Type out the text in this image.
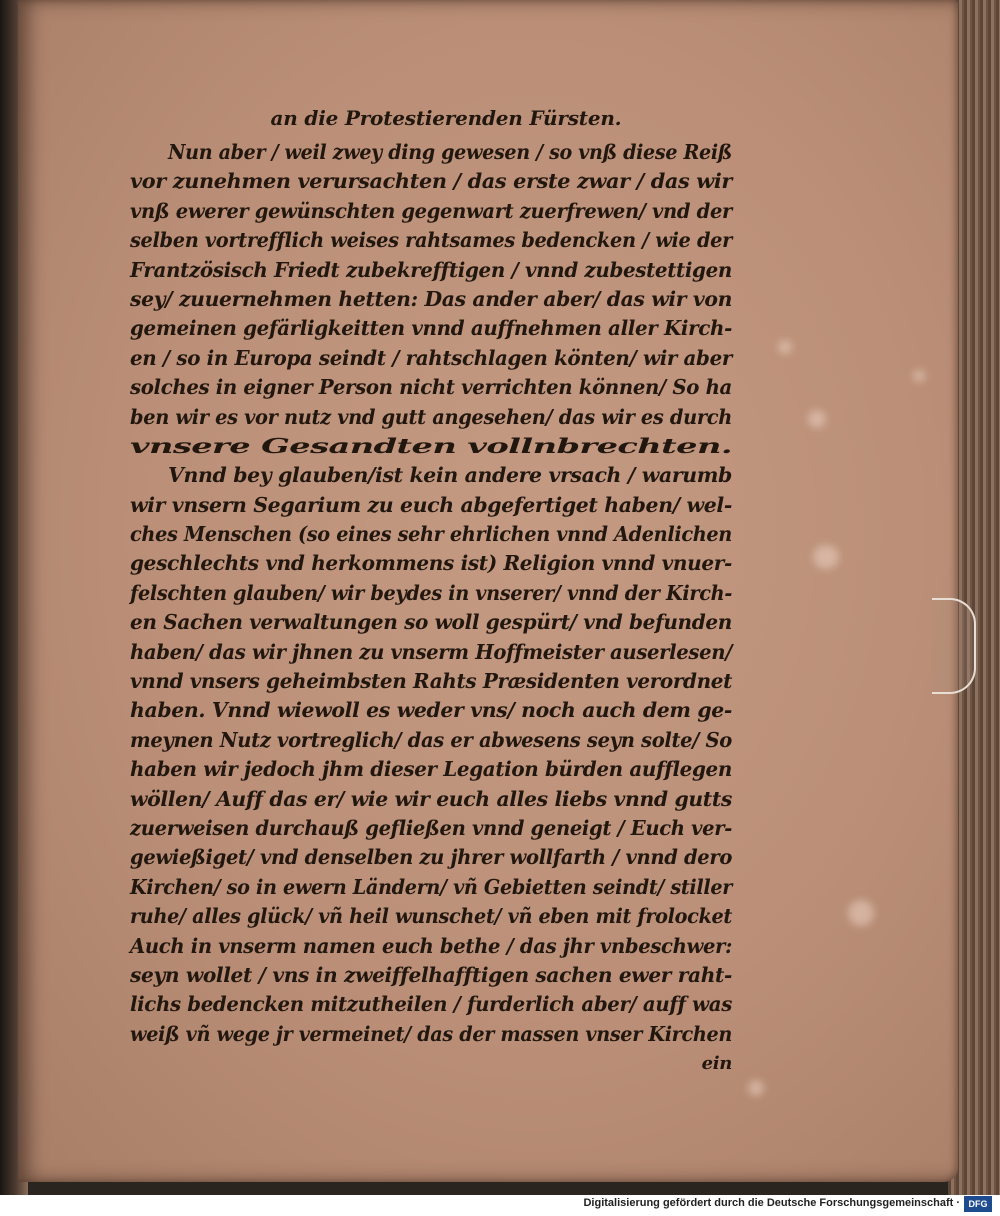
an die Protestierenden Fürsten.
Nun aber / weil zwey ding gewesen / so vnß diese Reiß
vor zunehmen verursachten / das erste zwar / das wir
vnß ewerer gewünschten gegenwart zuerfrewen/ vnd der
selben vortrefflich weises rahtsames bedencken / wie der
Frantzösisch Friedt zubekrefftigen / vnnd zubestettigen
sey/ zuuernehmen hetten: Das ander aber/ das wir von
gemeinen gefärligkeitten vnnd auffnehmen aller Kirch-
en / so in Europa seindt / rahtschlagen könten/ wir aber
solches in eigner Person nicht verrichten können/ So ha
ben wir es vor nutz vnd gutt angesehen/ das wir es durch
vnsere Gesandten vollnbrechten.
Vnnd bey glauben/ist kein andere vrsach / warumb
wir vnsern Segarium zu euch abgefertiget haben/ wel-
ches Menschen (so eines sehr ehrlichen vnnd Adenlichen
geschlechts vnd herkommens ist) Religion vnnd vnuer-
felschten glauben/ wir beydes in vnserer/ vnnd der Kirch-
en Sachen verwaltungen so woll gespürt/ vnd befunden
haben/ das wir jhnen zu vnserm Hoffmeister auserlesen/
vnnd vnsers geheimbsten Rahts Præsidenten verordnet
haben. Vnnd wiewoll es weder vns/ noch auch dem ge-
meynen Nutz vortreglich/ das er abwesens seyn solte/ So
haben wir jedoch jhm dieser Legation bürden aufflegen
wöllen/ Auff das er/ wie wir euch alles liebs vnnd gutts
zuerweisen durchauß gefließen vnnd geneigt / Euch ver-
gewießiget/ vnd denselben zu jhrer wollfarth / vnnd dero
Kirchen/ so in ewern Ländern/ vñ Gebietten seindt/ stiller
ruhe/ alles glück/ vñ heil wunschet/ vñ eben mit frolocket
Auch in vnserm namen euch bethe / das jhr vnbeschwer:
seyn wollet / vns in zweiffelhafftigen sachen ewer raht-
lichs bedencken mitzutheilen / furderlich aber/ auff was
weiß vñ wege jr vermeinet/ das der massen vnser Kirchen
ein
Digitalisierung gefördert durch die Deutsche Forschungsgemeinschaft · DFG
